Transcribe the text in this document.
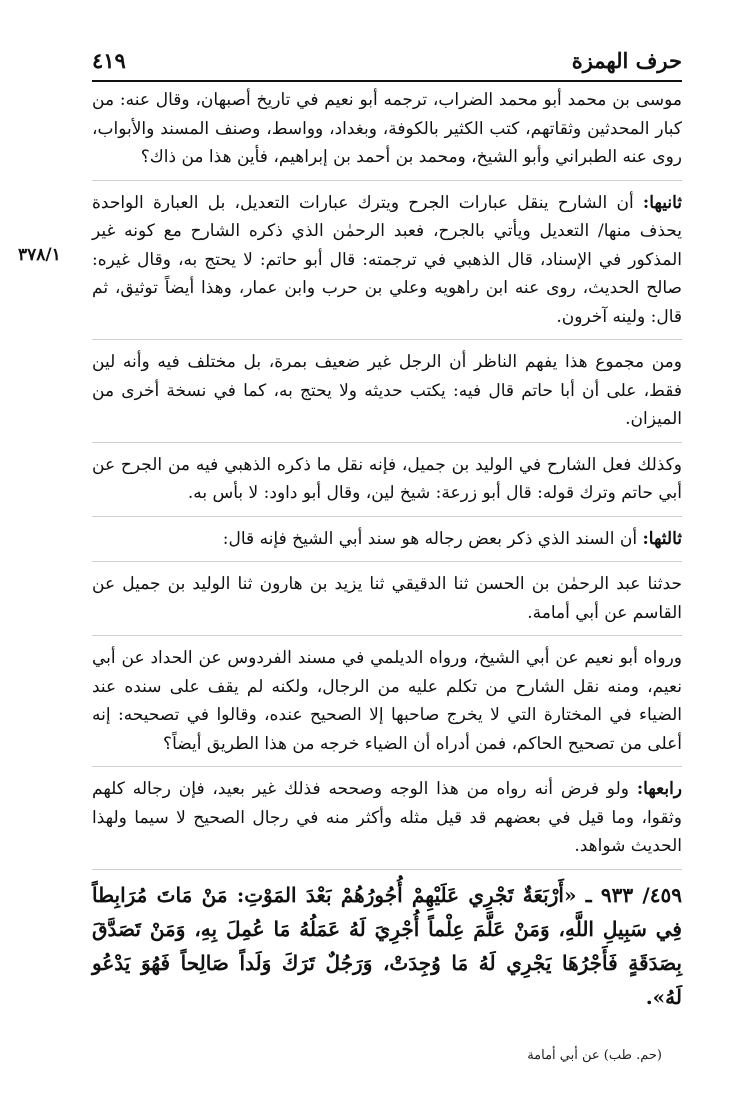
حرف الهمزة
٤١٩
٣٧٨/١

موسى بن محمد أبو محمد الضراب، ترجمه أبو نعيم في تاريخ أصبهان، وقال عنه: من كبار المحدثين وثقاتهم، كتب الكثير بالكوفة، وبغداد، وواسط، وصنف المسند والأبواب، روى عنه الطبراني وأبو الشيخ، ومحمد بن أحمد بن إبراهيم، فأين هذا من ذاك؟

ثانيها: أن الشارح ينقل عبارات الجرح ويترك عبارات التعديل، بل العبارة الواحدة يحذف منها/ التعديل ويأتي بالجرح، فعبد الرحمٰن الذي ذكره الشارح مع كونه غير المذكور في الإسناد، قال الذهبي في ترجمته: قال أبو حاتم: لا يحتج به، وقال غيره: صالح الحديث، روى عنه ابن راهويه وعلي بن حرب وابن عمار، وهذا أيضاً توثيق، ثم قال: ولينه آخرون.

ومن مجموع هذا يفهم الناظر أن الرجل غير ضعيف بمرة، بل مختلف فيه وأنه لين فقط، على أن أبا حاتم قال فيه: يكتب حديثه ولا يحتج به، كما في نسخة أخرى من الميزان.

وكذلك فعل الشارح في الوليد بن جميل، فإنه نقل ما ذكره الذهبي فيه من الجرح عن أبي حاتم وترك قوله: قال أبو زرعة: شيخ لين، وقال أبو داود: لا بأس به.

ثالثها: أن السند الذي ذكر بعض رجاله هو سند أبي الشيخ فإنه قال:

حدثنا عبد الرحمٰن بن الحسن ثنا الدقيقي ثنا يزيد بن هارون ثنا الوليد بن جميل عن القاسم عن أبي أمامة.

ورواه أبو نعيم عن أبي الشيخ، ورواه الديلمي في مسند الفردوس عن الحداد عن أبي نعيم، ومنه نقل الشارح من تكلم عليه من الرجال، ولكنه لم يقف على سنده عند الضياء في المختارة التي لا يخرج صاحبها إلا الصحيح عنده، وقالوا في تصحيحه: إنه أعلى من تصحيح الحاكم، فمن أدراه أن الضياء خرجه من هذا الطريق أيضاً؟

رابعها: ولو فرض أنه رواه من هذا الوجه وصححه فذلك غير بعيد، فإن رجاله كلهم وثقوا، وما قيل في بعضهم قد قيل مثله وأكثر منه في رجال الصحيح لا سيما ولهذا الحديث شواهد.

٤٥٩/ ٩٣٣ ـ «أَرْبَعَةٌ تَجْرِي عَلَيْهِمْ أُجُورُهُمْ بَعْدَ المَوْتِ: مَنْ مَاتَ مُرَابِطاً فِي سَبِيلِ اللَّهِ، وَمَنْ عَلَّمَ عِلْماً أُجْرِيَ لَهُ عَمَلُهُ مَا عُمِلَ بِهِ، وَمَنْ تَصَدَّقَ بِصَدَقَةٍ فَأَجْرُهَا يَجْرِي لَهُ مَا وُجِدَتْ، وَرَجُلٌ تَرَكَ وَلَداً صَالِحاً فَهُوَ يَدْعُو لَهُ».

(حم. طب) عن أبي أمامة
